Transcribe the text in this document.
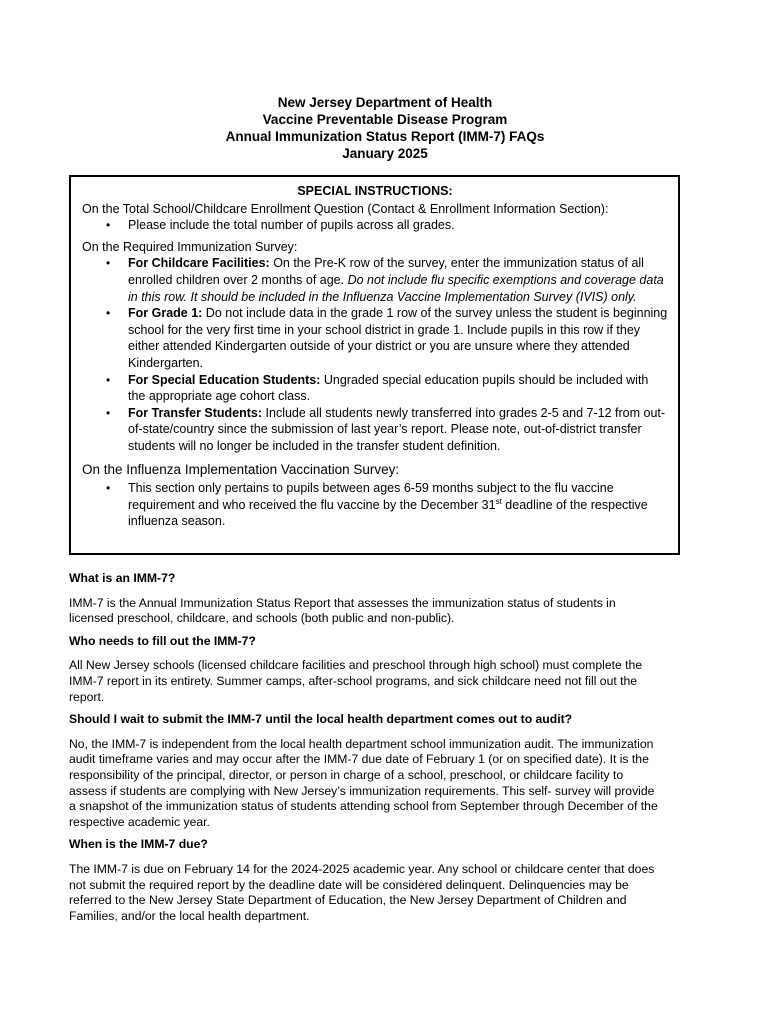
New Jersey Department of Health
Vaccine Preventable Disease Program
Annual Immunization Status Report (IMM-7) FAQs
January 2025
SPECIAL INSTRUCTIONS:

On the Total School/Childcare Enrollment Question (Contact & Enrollment Information Section):

• Please include the total number of pupils across all grades.

On the Required Immunization Survey:

• For Childcare Facilities: On the Pre-K row of the survey, enter the immunization status of all enrolled children over 2 months of age. Do not include flu specific exemptions and coverage data in this row. It should be included in the Influenza Vaccine Implementation Survey (IVIS) only.
• For Grade 1: Do not include data in the grade 1 row of the survey unless the student is beginning school for the very first time in your school district in grade 1. Include pupils in this row if they either attended Kindergarten outside of your district or you are unsure where they attended Kindergarten.
• For Special Education Students: Ungraded special education pupils should be included with the appropriate age cohort class.
• For Transfer Students: Include all students newly transferred into grades 2-5 and 7-12 from out-of-state/country since the submission of last year’s report. Please note, out-of-district transfer students will no longer be included in the transfer student definition.

On the Influenza Implementation Vaccination Survey:

• This section only pertains to pupils between ages 6-59 months subject to the flu vaccine requirement and who received the flu vaccine by the December 31st deadline of the respective influenza season.

What is an IMM-7?

IMM-7 is the Annual Immunization Status Report that assesses the immunization status of students in licensed preschool, childcare, and schools (both public and non-public).

Who needs to fill out the IMM-7?

All New Jersey schools (licensed childcare facilities and preschool through high school) must complete the IMM-7 report in its entirety. Summer camps, after-school programs, and sick childcare need not fill out the report.

Should I wait to submit the IMM-7 until the local health department comes out to audit?

No, the IMM-7 is independent from the local health department school immunization audit. The immunization audit timeframe varies and may occur after the IMM-7 due date of February 1 (or on specified date). It is the responsibility of the principal, director, or person in charge of a school, preschool, or childcare facility to assess if students are complying with New Jersey’s immunization requirements. This self- survey will provide a snapshot of the immunization status of students attending school from September through December of the respective academic year.

When is the IMM-7 due?

The IMM-7 is due on February 14 for the 2024-2025 academic year. Any school or childcare center that does not submit the required report by the deadline date will be considered delinquent. Delinquencies may be referred to the New Jersey State Department of Education, the New Jersey Department of Children and Families, and/or the local health department.
